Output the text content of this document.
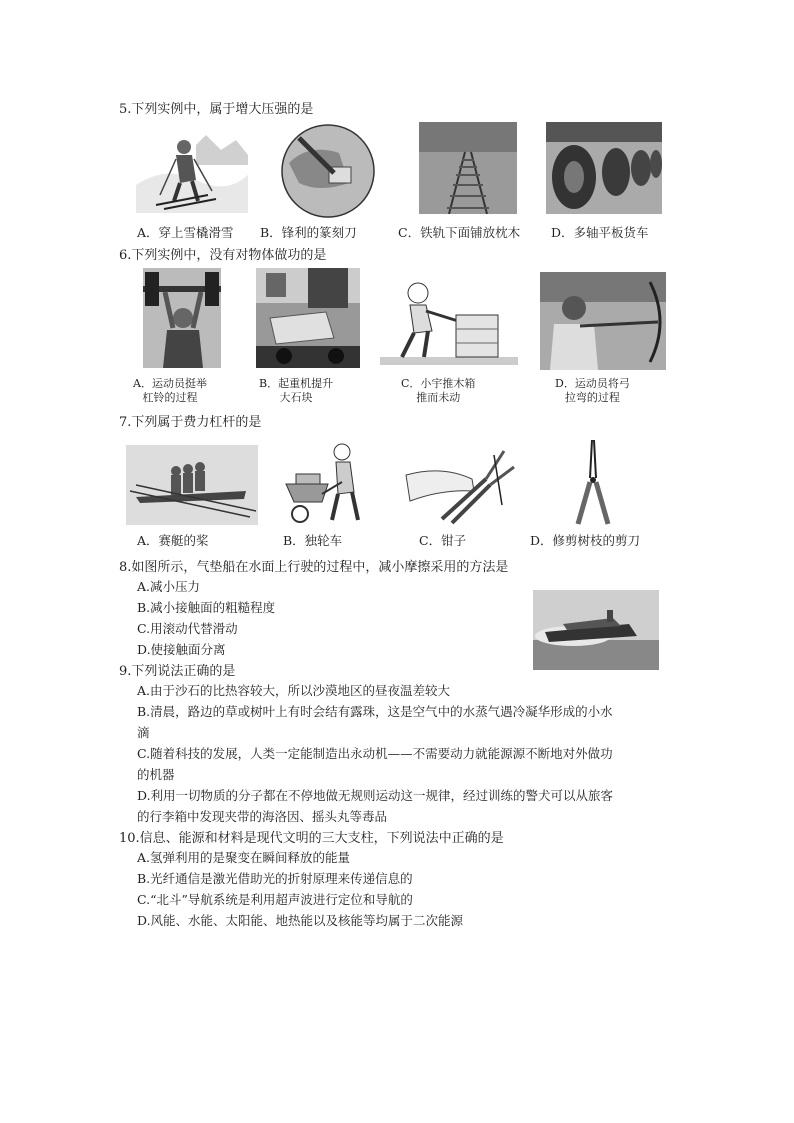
5.下列实例中，属于增大压强的是
A．穿上雪橇滑雪 B．锋利的篆刻刀	C．铁轨下面铺放枕木 D．多轴平板货车
6.下列实例中，没有对物体做功的是
A．运动员挺举
杠铃的过程
B．起重机提升
大石块
C．小宇推木箱
推而未动
D．运动员将弓
拉弯的过程
7.下列属于费力杠杆的是
A．赛艇的桨	B．独轮车	C．钳子	D．修剪树枝的剪刀
8.如图所示，气垫船在水面上行驶的过程中，减小摩擦采用的方法是
A.减小压力
B.减小接触面的粗糙程度
C.用滚动代替滑动
D.使接触面分离
9.下列说法正确的是
A.由于沙石的比热容较大，所以沙漠地区的昼夜温差较大
B.清晨，路边的草或树叶上有时会结有露珠，这是空气中的水蒸气遇冷凝华形成的小水
滴
C.随着科技的发展，人类一定能制造出永动机——不需要动力就能源源不断地对外做功
的机器
D.利用一切物质的分子都在不停地做无规则运动这一规律，经过训练的警犬可以从旅客
的行李箱中发现夹带的海洛因、摇头丸等毒品
10.信息、能源和材料是现代文明的三大支柱，下列说法中正确的是
A.氢弹利用的是聚变在瞬间释放的能量
B.光纤通信是激光借助光的折射原理来传递信息的
C.“北斗”导航系统是利用超声波进行定位和导航的
D.风能、水能、太阳能、地热能以及核能等均属于二次能源
